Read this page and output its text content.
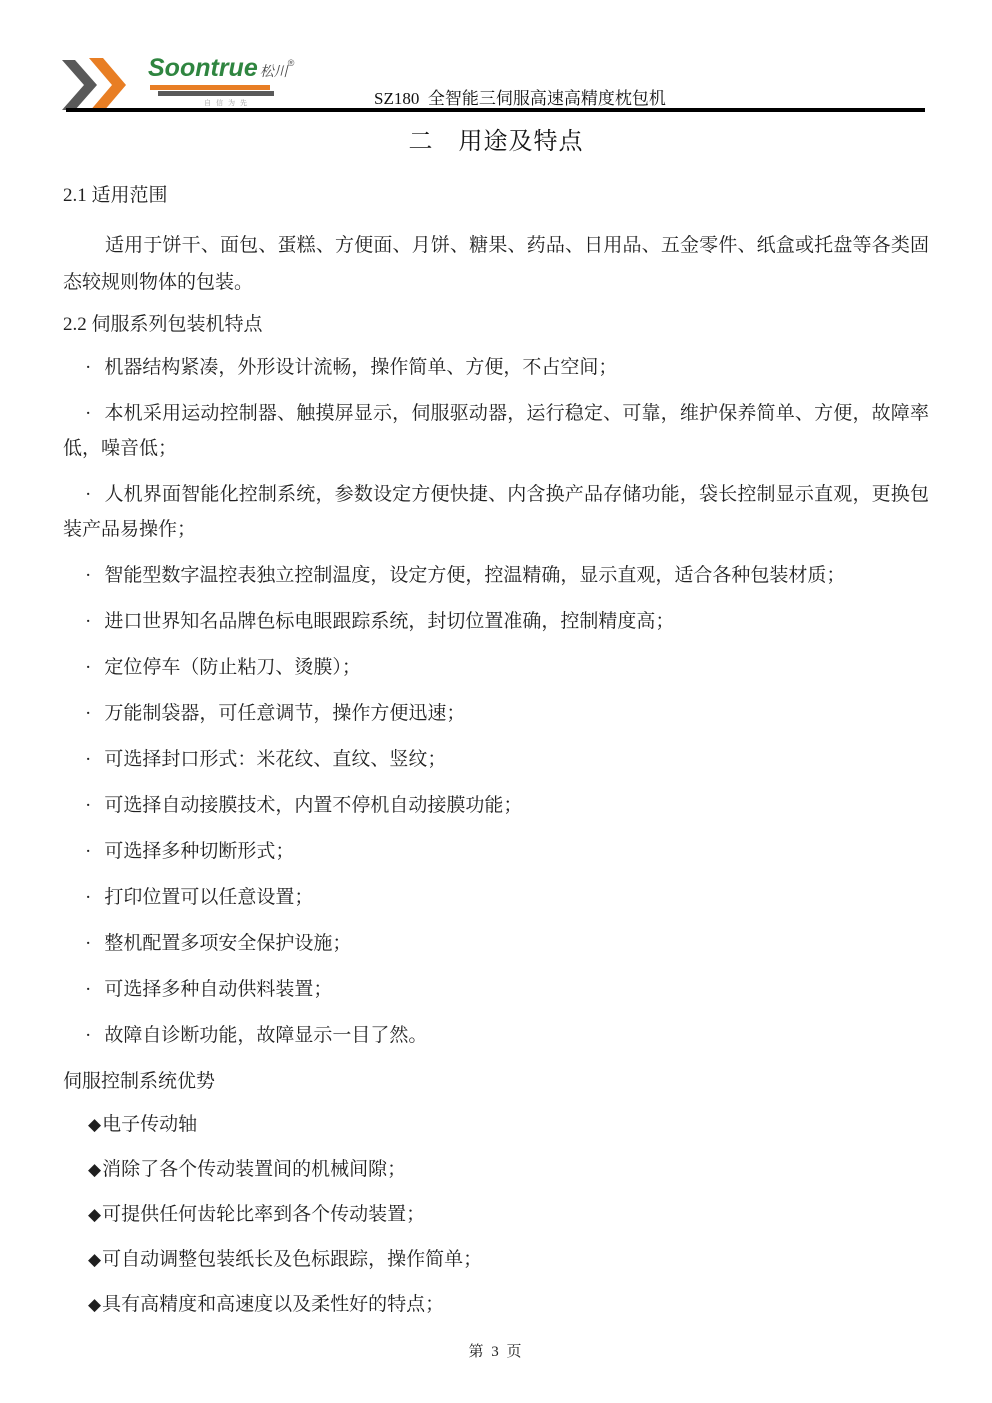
Soontrue 松川®
自信为先	SZ180  全智能三伺服高速高精度枕包机
二　用途及特点
2.1 适用范围

适用于饼干、面包、蛋糕、方便面、月饼、糖果、药品、日用品、五金零件、纸盒或托盘等各类固态较规则物体的包装。

2.2 伺服系列包装机特点
· 机器结构紧凑，外形设计流畅，操作简单、方便，不占空间；
· 本机采用运动控制器、触摸屏显示，伺服驱动器，运行稳定、可靠，维护保养简单、方便，故障率低，噪音低；
· 人机界面智能化控制系统，参数设定方便快捷、内含换产品存储功能，袋长控制显示直观，更换包装产品易操作；
· 智能型数字温控表独立控制温度，设定方便，控温精确，显示直观，适合各种包装材质；
· 进口世界知名品牌色标电眼跟踪系统，封切位置准确，控制精度高；
· 定位停车（防止粘刀、烫膜）；
· 万能制袋器，可任意调节，操作方便迅速；
· 可选择封口形式：米花纹、直纹、竖纹；
· 可选择自动接膜技术，内置不停机自动接膜功能；
· 可选择多种切断形式；
· 打印位置可以任意设置；
· 整机配置多项安全保护设施；
· 可选择多种自动供料装置；
· 故障自诊断功能，故障显示一目了然。
伺服控制系统优势
◆电子传动轴
◆消除了各个传动装置间的机械间隙；
◆可提供任何齿轮比率到各个传动装置；
◆可自动调整包装纸长及色标跟踪，操作简单；
◆具有高精度和高速度以及柔性好的特点；
第 3 页
